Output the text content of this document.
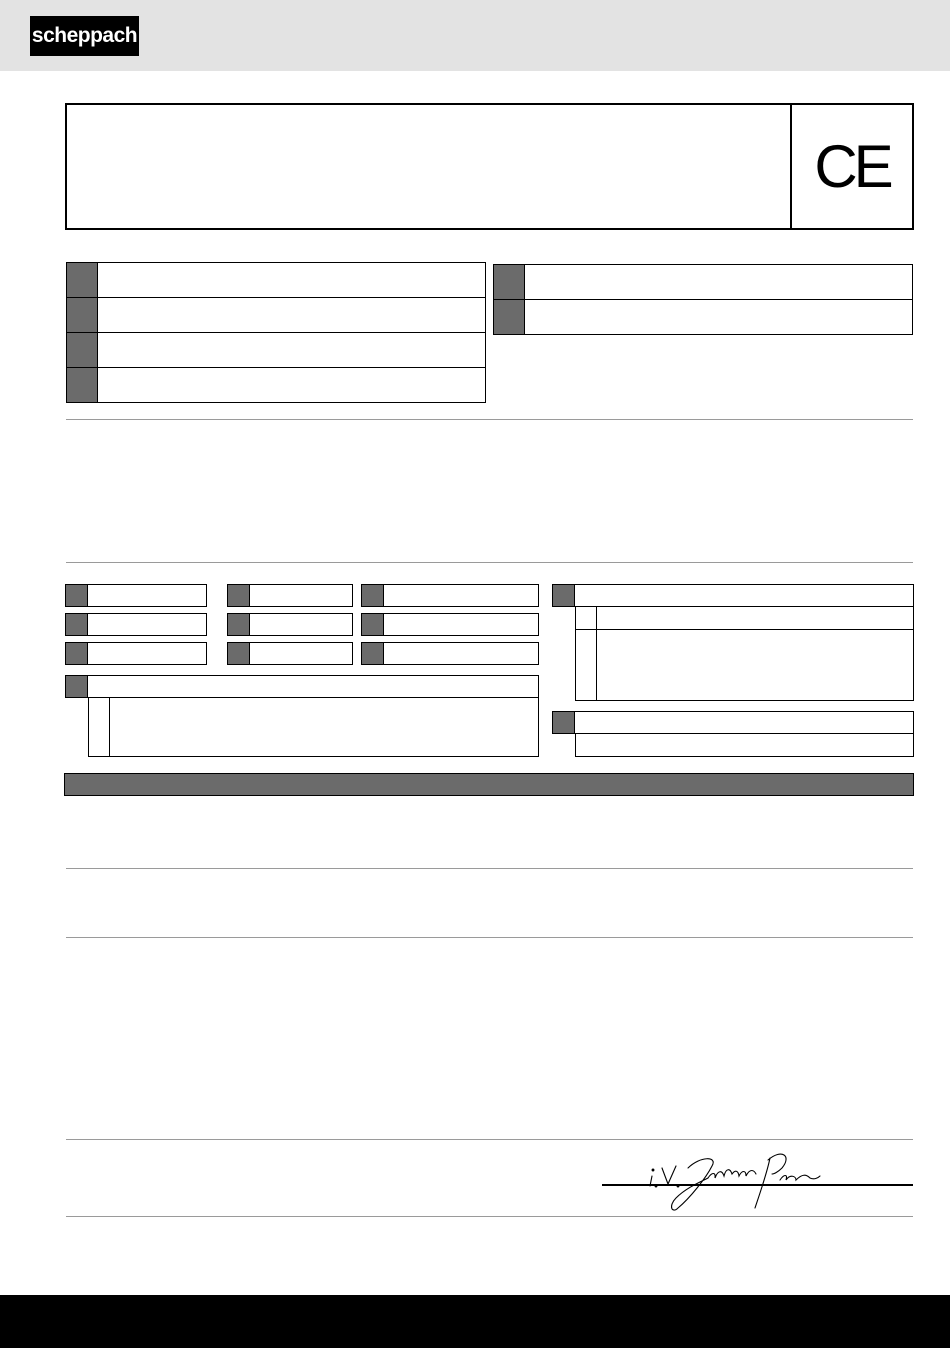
scheppach
CE
